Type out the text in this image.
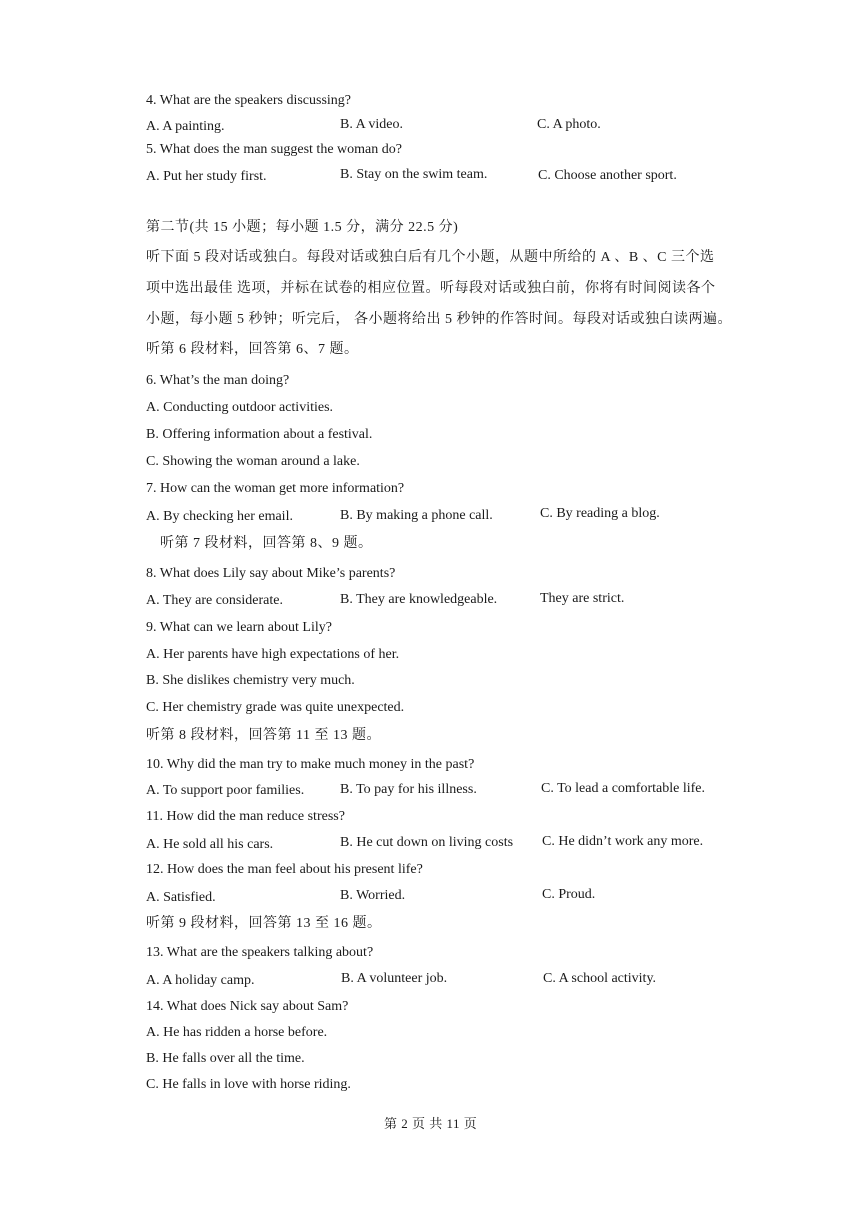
4. What are the speakers discussing?
A. A painting.	B. A video.	C. A photo.
5. What does the man suggest the woman do?
A. Put her study first.	B. Stay on the swim team.	C. Choose another sport.
第二节(共 15 小题；每小题 1.5 分，满分 22.5 分)
听下面 5 段对话或独白。每段对话或独白后有几个小题，从题中所给的 A 、B 、C 三个选
项中选出最佳 选项，并标在试卷的相应位置。听每段对话或独白前，你将有时间阅读各个
小题，每小题 5 秒钟；听完后， 各小题将给出 5 秒钟的作答时间。每段对话或独白读两遍。
听第 6 段材料，回答第 6、7 题。
6. What’s the man doing?
A. Conducting outdoor activities.
B. Offering information about a festival.
C. Showing the woman around a lake.
7. How can the woman get more information?
A. By checking her email.	B. By making a phone call.	C. By reading a blog.
听第 7 段材料，回答第 8、9 题。
8. What does Lily say about Mike’s parents?
A. They are considerate.	B. They are knowledgeable.	They are strict.
9. What can we learn about Lily?
A. Her parents have high expectations of her.
B. She dislikes chemistry very much.
C. Her chemistry grade was quite unexpected.
听第 8 段材料，回答第 11 至 13 题。
10. Why did the man try to make much money in the past?
A. To support poor families.	B. To pay for his illness.	C. To lead a comfortable life.
11. How did the man reduce stress?
A. He sold all his cars.	B. He cut down on living costs C. He didn’t work any more.
12. How does the man feel about his present life?
A. Satisfied.	B. Worried.	C. Proud.
听第 9 段材料，回答第 13 至 16 题。
13. What are the speakers talking about?
A. A holiday camp.	B. A volunteer job.	C. A school activity.
14. What does Nick say about Sam?
A. He has ridden a horse before.
B. He falls over all the time.
C. He falls in love with horse riding.
第 2 页 共 11 页
